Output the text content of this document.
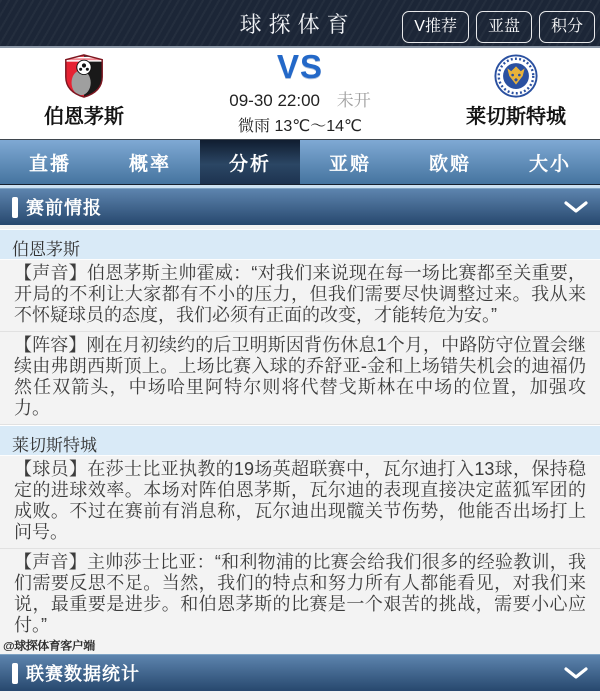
球探体育	V推荐	亚盘	积分
伯恩茅斯
VS
09-30 22:00 未开
微雨 13℃～14℃	莱切斯特城
直播	概率	分析	亚赔	欧赔	大小
赛前情报
伯恩茅斯
【声音】伯恩茅斯主帅霍威：“对我们来说现在每一场比赛都至关重要，开局的不利让大家都有不小的压力，但我们需要尽快调整过来。我从来不怀疑球员的态度，我们必须有正面的改变，才能转危为安。”
【阵容】刚在月初续约的后卫明斯因背伤休息1个月，中路防守位置会继续由弗朗西斯顶上。上场比赛入球的乔舒亚-金和上场错失机会的迪福仍然任双箭头，中场哈里阿特尔则将代替戈斯林在中场的位置，加强攻力。
莱切斯特城
【球员】在莎士比亚执教的19场英超联赛中，瓦尔迪打入13球，保持稳定的进球效率。本场对阵伯恩茅斯，瓦尔迪的表现直接决定蓝狐军团的成败。不过在赛前有消息称，瓦尔迪出现髋关节伤势，他能否出场打上问号。
【声音】主帅莎士比亚：“和利物浦的比赛会给我们很多的经验教训，我们需要反思不足。当然，我们的特点和努力所有人都能看见，对我们来说，最重要是进步。和伯恩茅斯的比赛是一个艰苦的挑战，需要小心应付。”
@球探体育客户端
联赛数据统计
